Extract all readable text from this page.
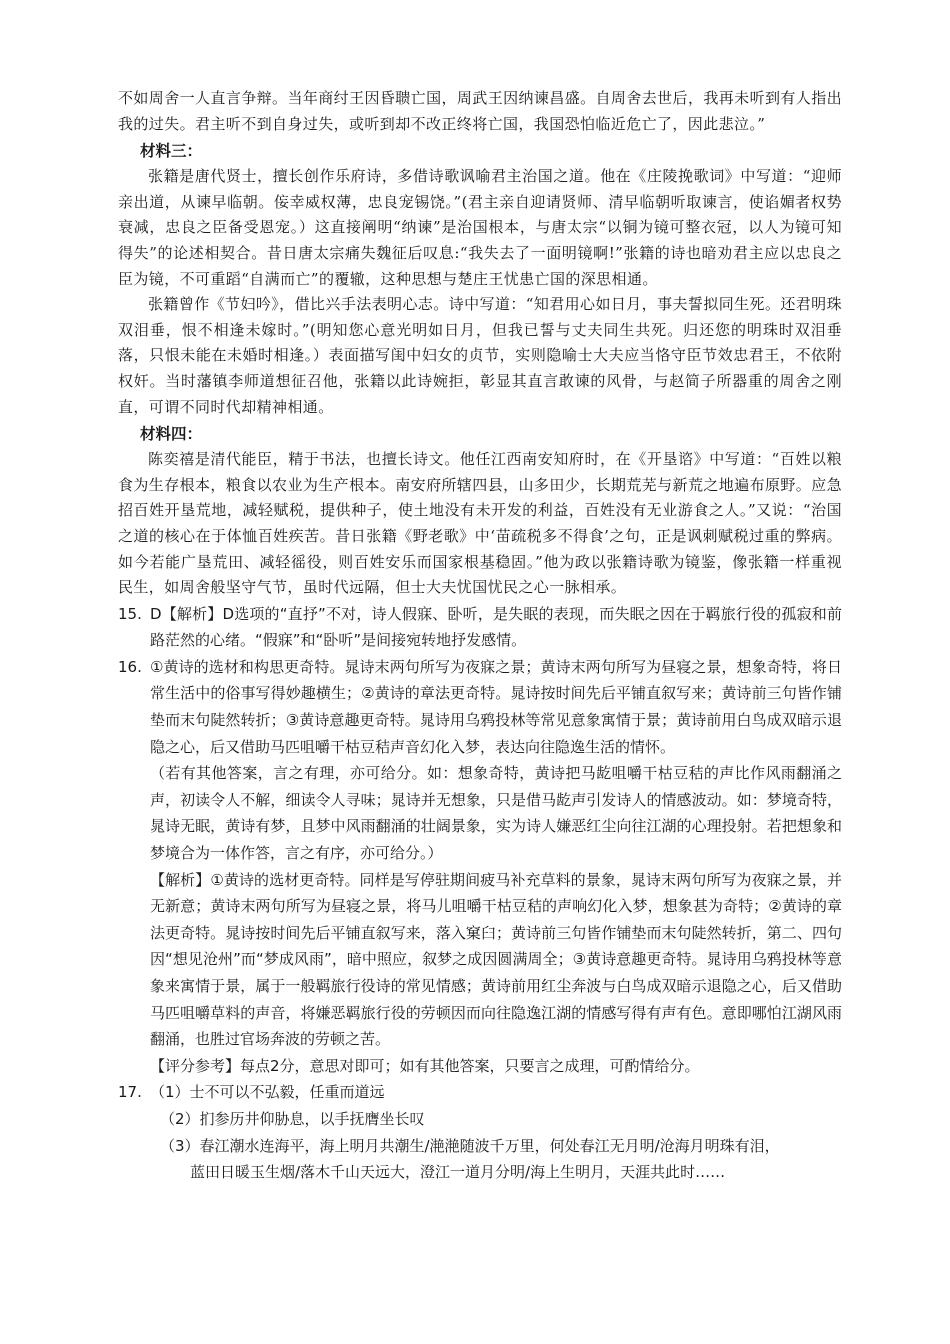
不如周舍一人直言争辩。当年商纣王因昏聩亡国，周武王因纳谏昌盛。自周舍去世后，我再未听到有人指出我的过失。君主听不到自身过失，或听到却不改正终将亡国，我国恐怕临近危亡了，因此悲泣。”

材料三：

张籍是唐代贤士，擅长创作乐府诗，多借诗歌讽喻君主治国之道。他在《庄陵挽歌词》中写道：“迎师亲出道，从谏早临朝。侫幸威权薄，忠良宠锡饶。”(君主亲自迎请贤师、清早临朝听取谏言，使谄媚者权势衰减，忠良之臣备受恩宠。）这直接阐明“纳谏”是治国根本，与唐太宗“以铜为镜可整衣冠，以人为镜可知得失”的论述相契合。昔日唐太宗痛失魏征后叹息:“我失去了一面明镜啊!”张籍的诗也暗劝君主应以忠良之臣为镜，不可重蹈“自满而亡”的覆辙，这种思想与楚庄王忧患亡国的深思相通。

张籍曾作《节妇吟》，借比兴手法表明心志。诗中写道：“知君用心如日月，事夫誓拟同生死。还君明珠双泪垂，恨不相逢未嫁时。”(明知您心意光明如日月，但我已誓与丈夫同生共死。归还您的明珠时双泪垂落，只恨未能在未婚时相逢。）表面描写闺中妇女的贞节，实则隐喻士大夫应当恪守臣节效忠君王，不依附权奸。当时藩镇李师道想征召他，张籍以此诗婉拒，彰显其直言敢谏的风骨，与赵简子所器重的周舍之刚直，可谓不同时代却精神相通。

材料四：

陈奕禧是清代能臣，精于书法，也擅长诗文。他任江西南安知府时，在《开垦谘》中写道：“百姓以粮食为生存根本，粮食以农业为生产根本。南安府所辖四县，山多田少，长期荒芜与新荒之地遍布原野。应急招百姓开垦荒地，减轻赋税，提供种子，使土地没有未开发的利益，百姓没有无业游食之人。”又说：“治国之道的核心在于体恤百姓疾苦。昔日张籍《野老歌》中‘苗疏税多不得食’之句，正是讽刺赋税过重的弊病。如今若能广垦荒田、减轻徭役，则百姓安乐而国家根基稳固。”他为政以张籍诗歌为镜鉴，像张籍一样重视民生，如周舍般坚守气节，虽时代远隔，但士大夫忧国忧民之心一脉相承。

15. D【解析】D选项的“直抒”不对，诗人假寐、卧听，是失眠的表现，而失眠之因在于羁旅行役的孤寂和前路茫然的心绪。“假寐”和“卧听”是间接宛转地抒发感情。
16. ①黄诗的选材和构思更奇特。晁诗末两句所写为夜寐之景；黄诗末两句所写为昼寝之景，想象奇特，将日常生活中的俗事写得妙趣横生；②黄诗的章法更奇特。晁诗按时间先后平铺直叙写来；黄诗前三句皆作铺垫而末句陡然转折；③黄诗意趣更奇特。晁诗用乌鸦投林等常见意象寓情于景；黄诗前用白鸟成双暗示退隐之心，后又借助马匹咀嚼干枯豆秸声音幻化入梦，表达向往隐逸生活的情怀。

（若有其他答案，言之有理，亦可给分。如：想象奇特，黄诗把马龁咀嚼干枯豆秸的声比作风雨翻涌之声，初读令人不解，细读令人寻味；晁诗并无想象，只是借马龁声引发诗人的情感波动。如：梦境奇特，晁诗无眠，黄诗有梦，且梦中风雨翻涌的壮阔景象，实为诗人嫌恶红尘向往江湖的心理投射。若把想象和梦境合为一体作答，言之有序，亦可给分。）

【解析】①黄诗的选材更奇特。同样是写停驻期间疲马补充草料的景象，晁诗末两句所写为夜寐之景，并无新意；黄诗末两句所写为昼寝之景，将马儿咀嚼干枯豆秸的声响幻化入梦，想象甚为奇特；②黄诗的章法更奇特。晁诗按时间先后平铺直叙写来，落入窠臼；黄诗前三句皆作铺垫而末句陡然转折，第二、四句因“想见沧州”而“梦成风雨”，暗中照应，叙梦之成因圆满周全；③黄诗意趣更奇特。晁诗用乌鸦投林等意象来寓情于景，属于一般羁旅行役诗的常见情感；黄诗前用红尘奔波与白鸟成双暗示退隐之心，后又借助马匹咀嚼草料的声音，将嫌恶羁旅行役的劳顿因而向往隐逸江湖的情感写得有声有色。意即哪怕江湖风雨翻涌，也胜过官场奔波的劳顿之苦。

【评分参考】每点2分，意思对即可；如有其他答案，只要言之成理，可酌情给分。

17. （1）士不可以不弘毅，任重而道远

（2）扪参历井仰胁息，以手抚膺坐长叹

（3）春江潮水连海平，海上明月共潮生/滟滟随波千万里，何处春江无月明/沧海月明珠有泪，

蓝田日暖玉生烟/落木千山天远大，澄江一道月分明/海上生明月，天涯共此时……
